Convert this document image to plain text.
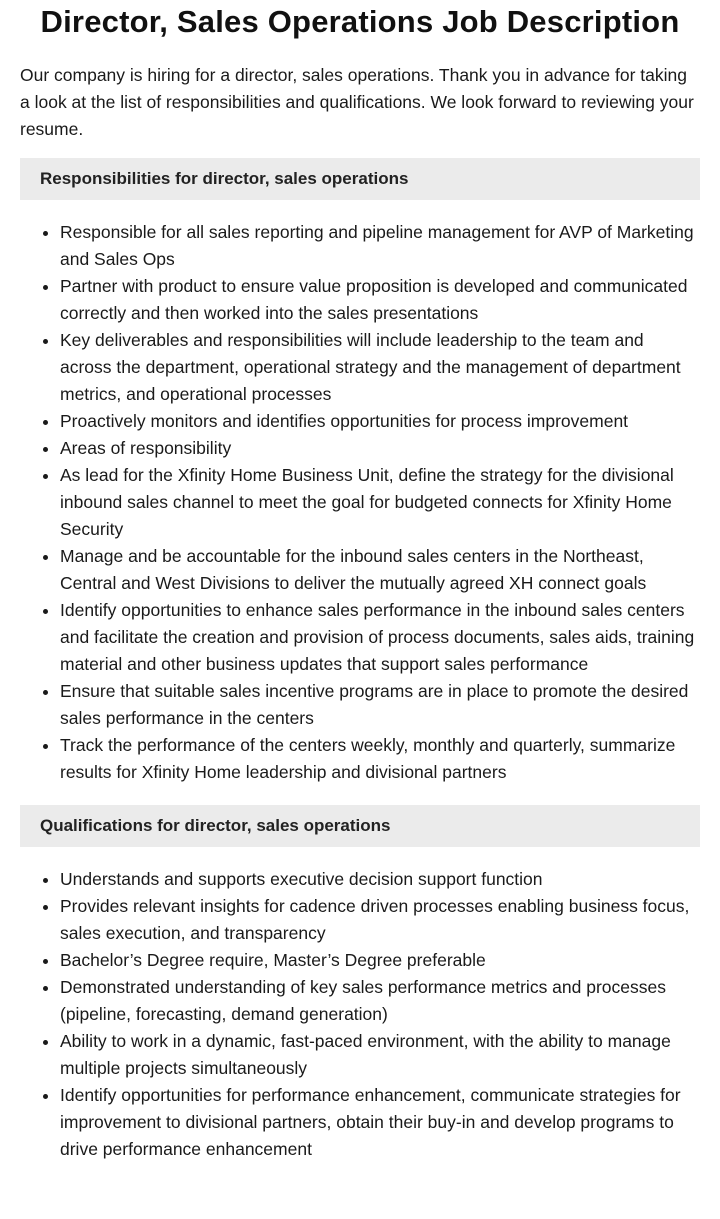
Director, Sales Operations Job Description

Our company is hiring for a director, sales operations. Thank you in advance for taking a look at the list of responsibilities and qualifications. We look forward to reviewing your resume.

Responsibilities for director, sales operations
• Responsible for all sales reporting and pipeline management for AVP of Marketing and Sales Ops
• Partner with product to ensure value proposition is developed and communicated correctly and then worked into the sales presentations
• Key deliverables and responsibilities will include leadership to the team and across the department, operational strategy and the management of department metrics, and operational processes
• Proactively monitors and identifies opportunities for process improvement
• Areas of responsibility
• As lead for the Xfinity Home Business Unit, define the strategy for the divisional inbound sales channel to meet the goal for budgeted connects for Xfinity Home Security
• Manage and be accountable for the inbound sales centers in the Northeast, Central and West Divisions to deliver the mutually agreed XH connect goals
• Identify opportunities to enhance sales performance in the inbound sales centers and facilitate the creation and provision of process documents, sales aids, training material and other business updates that support sales performance
• Ensure that suitable sales incentive programs are in place to promote the desired sales performance in the centers
• Track the performance of the centers weekly, monthly and quarterly, summarize results for Xfinity Home leadership and divisional partners
Qualifications for director, sales operations
• Understands and supports executive decision support function
• Provides relevant insights for cadence driven processes enabling business focus, sales execution, and transparency
• Bachelor’s Degree require, Master’s Degree preferable
• Demonstrated understanding of key sales performance metrics and processes (pipeline, forecasting, demand generation)
• Ability to work in a dynamic, fast-paced environment, with the ability to manage multiple projects simultaneously
• Identify opportunities for performance enhancement, communicate strategies for improvement to divisional partners, obtain their buy-in and develop programs to drive performance enhancement
